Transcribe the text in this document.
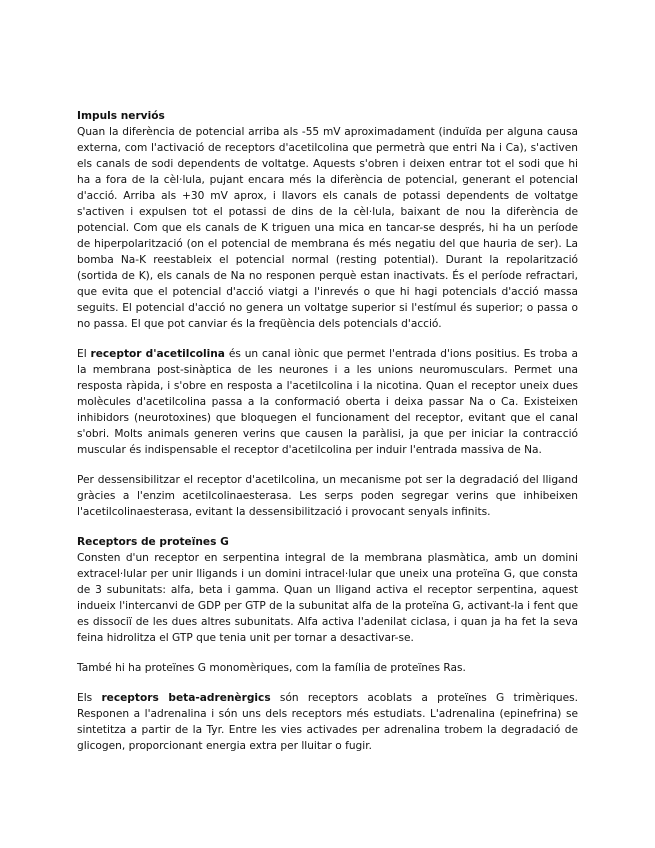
Impuls nerviós

Quan la diferència de potencial arriba als -55 mV aproximadament (induïda per alguna causa externa, com l'activació de receptors d'acetilcolina que permetrà que entri Na i Ca), s'activen els canals de sodi dependents de voltatge. Aquests s'obren i deixen entrar tot el sodi que hi ha a fora de la cèl·lula, pujant encara més la diferència de potencial, generant el potencial d'acció. Arriba als +30 mV aprox, i llavors els canals de potassi dependents de voltatge s'activen i expulsen tot el potassi de dins de la cèl·lula, baixant de nou la diferència de potencial. Com que els canals de K triguen una mica en tancar-se després, hi ha un període de hiperpolarització (on el potencial de membrana és més negatiu del que hauria de ser). La bomba Na-K reestableix el potencial normal (resting potential). Durant la repolarització (sortida de K), els canals de Na no responen perquè estan inactivats. És el període refractari, que evita que el potencial d'acció viatgi a l'inrevés o que hi hagi potencials d'acció massa seguits. El potencial d'acció no genera un voltatge superior si l'estímul és superior; o passa o no passa. El que pot canviar és la freqüència dels potencials d'acció.

El receptor d'acetilcolina és un canal iònic que permet l'entrada d'ions positius. Es troba a la membrana post-sinàptica de les neurones i a les unions neuromusculars. Permet una resposta ràpida, i s'obre en resposta a l'acetilcolina i la nicotina. Quan el receptor uneix dues molècules d'acetilcolina passa a la conformació oberta i deixa passar Na o Ca. Existeixen inhibidors (neurotoxines) que bloquegen el funcionament del receptor, evitant que el canal s'obri. Molts animals generen verins que causen la paràlisi, ja que per iniciar la contracció muscular és indispensable el receptor d'acetilcolina per induir l'entrada massiva de Na.

Per dessensibilitzar el receptor d'acetilcolina, un mecanisme pot ser la degradació del lligand gràcies a l'enzim acetilcolinaesterasa. Les serps poden segregar verins que inhibeixen l'acetilcolinaesterasa, evitant la dessensibilització i provocant senyals infinits.

Receptors de proteïnes G

Consten d'un receptor en serpentina integral de la membrana plasmàtica, amb un domini extracel·lular per unir lligands i un domini intracel·lular que uneix una proteïna G, que consta de 3 subunitats: alfa, beta i gamma. Quan un lligand activa el receptor serpentina, aquest indueix l'intercanvi de GDP per GTP de la subunitat alfa de la proteïna G, activant-la i fent que es dissociï de les dues altres subunitats. Alfa activa l'adenilat ciclasa, i quan ja ha fet la seva feina hidrolitza el GTP que tenia unit per tornar a desactivar-se.

També hi ha proteïnes G monomèriques, com la família de proteïnes Ras.

Els receptors beta-adrenèrgics són receptors acoblats a proteïnes G trimèriques. Responen a l'adrenalina i són uns dels receptors més estudiats. L'adrenalina (epinefrina) se sintetitza a partir de la Tyr. Entre les vies activades per adrenalina trobem la degradació de glicogen, proporcionant energia extra per lluitar o fugir.
